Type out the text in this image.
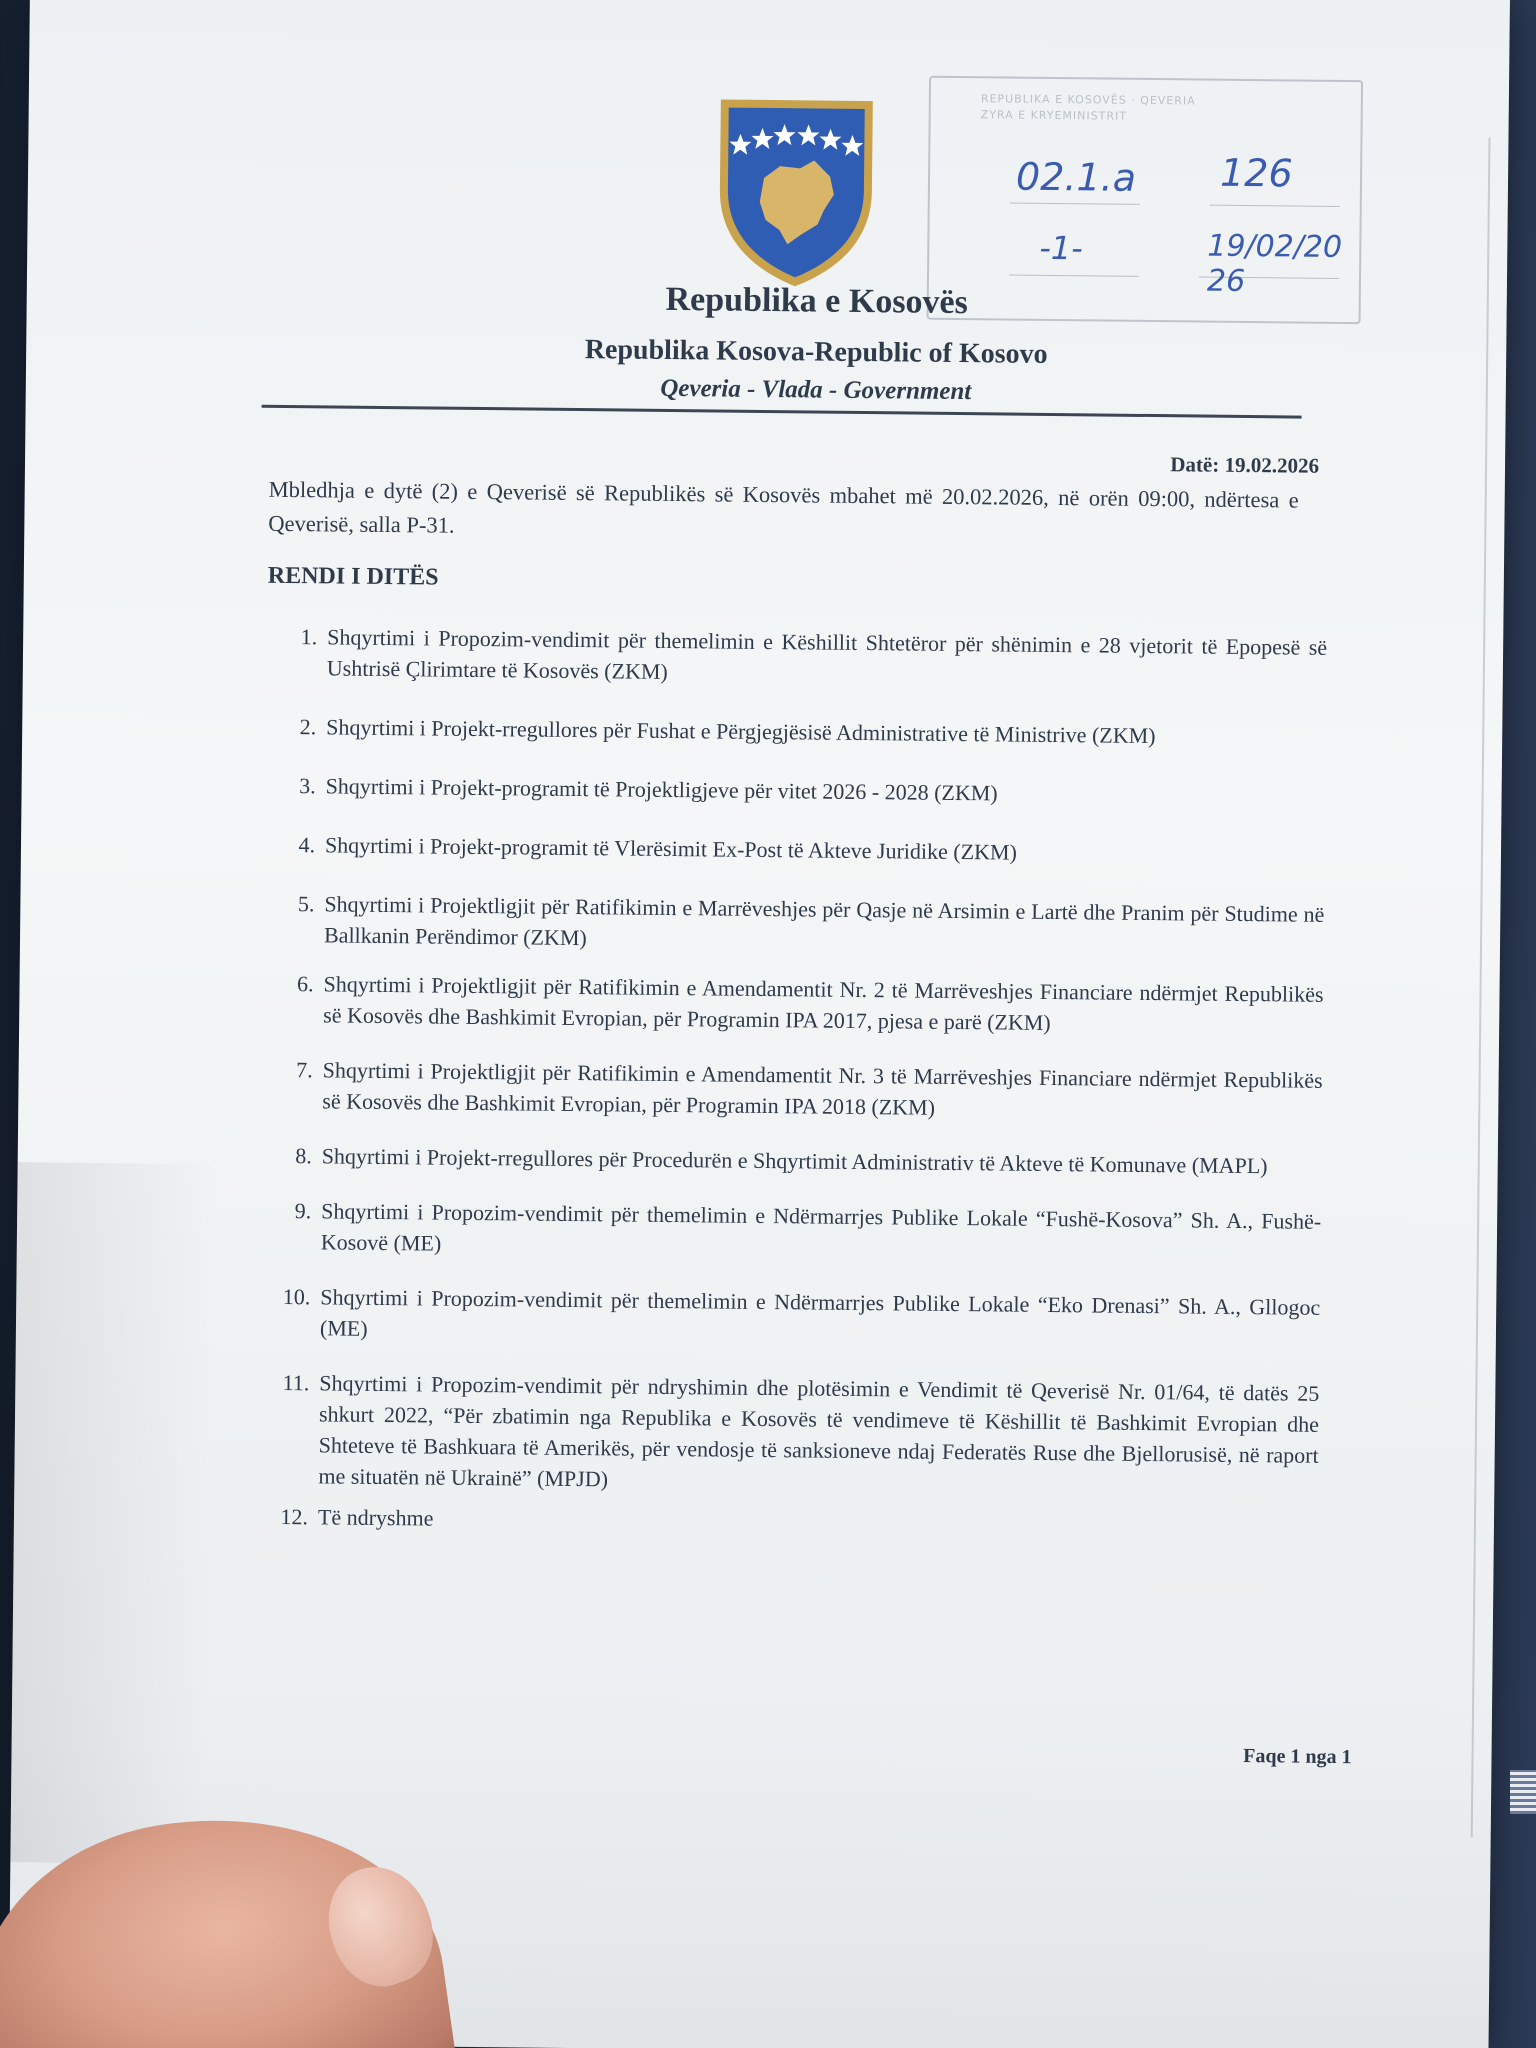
REPUBLIKA E KOSOVËS · QEVERIA
ZYRA E KRYEMINISTRIT
02.1.a 126
-1-	19/02/20 26
Republika e Kosovës
Republika Kosova-Republic of Kosovo
Qeveria - Vlada - Government
Datë: 19.02.2026
Mbledhja e dytë (2) e Qeverisë së Republikës së Kosovës mbahet më 20.02.2026, në orën 09:00, ndërtesa e Qeverisë, salla P-31.
RENDI I DITËS
1. Shqyrtimi i Propozim-vendimit për themelimin e Këshillit Shtetëror për shënimin e 28 vjetorit të Epopesë së Ushtrisë Çlirimtare të Kosovës (ZKM)
2. Shqyrtimi i Projekt-rregullores për Fushat e Përgjegjësisë Administrative të Ministrive (ZKM)
3. Shqyrtimi i Projekt-programit të Projektligjeve për vitet 2026 - 2028 (ZKM)
4. Shqyrtimi i Projekt-programit të Vlerësimit Ex-Post të Akteve Juridike (ZKM)
5. Shqyrtimi i Projektligjit për Ratifikimin e Marrëveshjes për Qasje në Arsimin e Lartë dhe Pranim për Studime në Ballkanin Perëndimor (ZKM)
6. Shqyrtimi i Projektligjit për Ratifikimin e Amendamentit Nr. 2 të Marrëveshjes Financiare ndërmjet Republikës së Kosovës dhe Bashkimit Evropian, për Programin IPA 2017, pjesa e parë (ZKM)
7. Shqyrtimi i Projektligjit për Ratifikimin e Amendamentit Nr. 3 të Marrëveshjes Financiare ndërmjet Republikës së Kosovës dhe Bashkimit Evropian, për Programin IPA 2018 (ZKM)
8. Shqyrtimi i Projekt-rregullores për Procedurën e Shqyrtimit Administrativ të Akteve të Komunave (MAPL)
9. Shqyrtimi i Propozim-vendimit për themelimin e Ndërmarrjes Publike Lokale “Fushë-Kosova” Sh. A., Fushë-Kosovë (ME)
10. Shqyrtimi i Propozim-vendimit për themelimin e Ndërmarrjes Publike Lokale “Eko Drenasi” Sh. A., Gllogoc (ME)
11. Shqyrtimi i Propozim-vendimit për ndryshimin dhe plotësimin e Vendimit të Qeverisë Nr. 01/64, të datës 25 shkurt 2022, “Për zbatimin nga Republika e Kosovës të vendimeve të Këshillit të Bashkimit Evropian dhe Shteteve të Bashkuara të Amerikës, për vendosje të sanksioneve ndaj Federatës Ruse dhe Bjellorusisë, në raport me situatën në Ukrainë” (MPJD)
12. Të ndryshme
Faqe 1 nga 1
